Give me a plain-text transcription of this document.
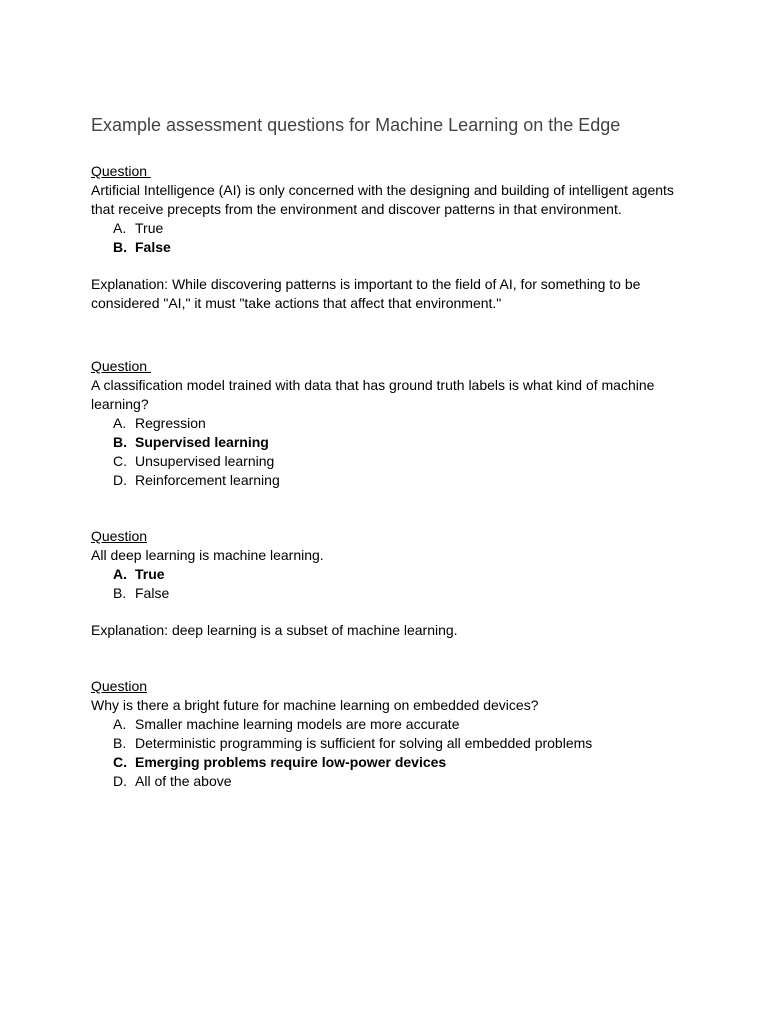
Example assessment questions for Machine Learning on the Edge
Question
Artificial Intelligence (AI) is only concerned with the designing and building of intelligent agents that receive precepts from the environment and discover patterns in that environment.
A. True
B. False
Explanation: While discovering patterns is important to the field of AI, for something to be considered "AI," it must "take actions that affect that environment."
Question
A classification model trained with data that has ground truth labels is what kind of machine learning?
A. Regression
B. Supervised learning
C. Unsupervised learning
D. Reinforcement learning
Question
All deep learning is machine learning.
A. True
B. False
Explanation: deep learning is a subset of machine learning.
Question
Why is there a bright future for machine learning on embedded devices?
A. Smaller machine learning models are more accurate
B. Deterministic programming is sufficient for solving all embedded problems
C. Emerging problems require low-power devices
D. All of the above
